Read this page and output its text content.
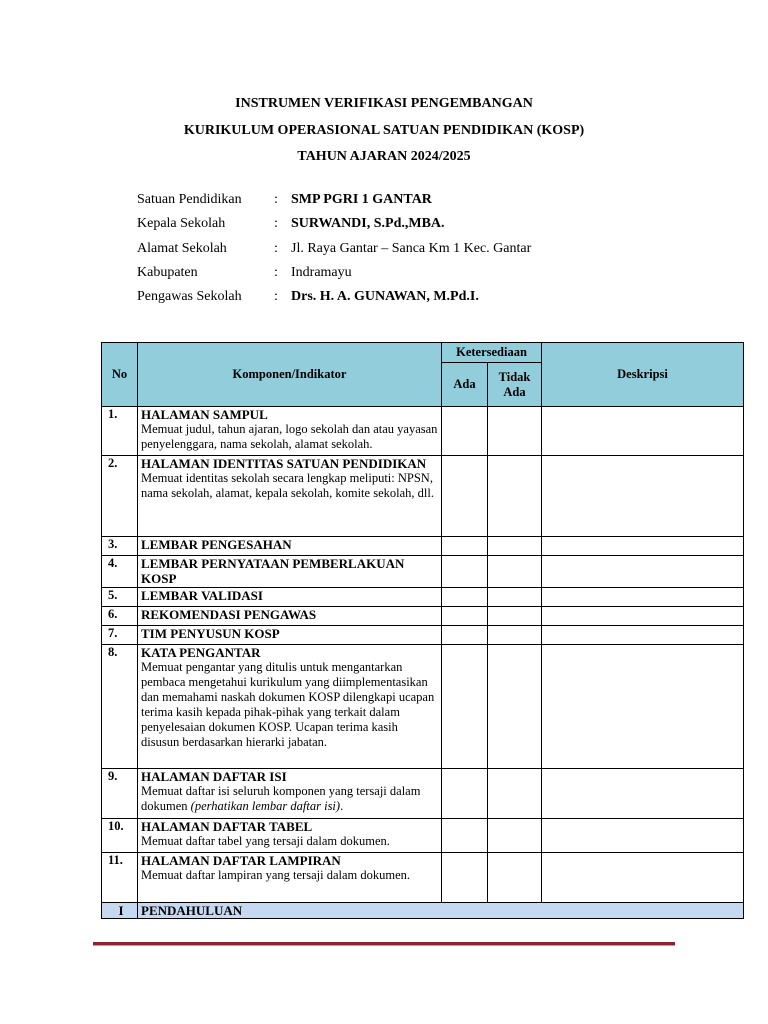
INSTRUMEN VERIFIKASI PENGEMBANGAN
KURIKULUM OPERASIONAL SATUAN PENDIDIKAN (KOSP)
TAHUN AJARAN 2024/2025
Satuan Pendidikan : SMP PGRI 1 GANTAR
Kepala Sekolah	: SURWANDI, S.Pd.,MBA.
Alamat Sekolah	: Jl. Raya Gantar – Sanca Km 1 Kec. Gantar
Kabupaten	: Indramayu
Pengawas Sekolah : Drs. H. A. GUNAWAN, M.Pd.I.
No	Komponen/Indikator	Ketersediaan		Deskripsi
		Ada	Tidak Ada	
1.	HALAMAN SAMPUL
Memuat judul, tahun ajaran, logo sekolah dan atau yayasan penyelenggara, nama sekolah, alamat sekolah.			

2.	HALAMAN IDENTITAS SATUAN PENDIDIKAN
Memuat identitas sekolah secara lengkap meliputi: NPSN, nama sekolah, alamat, kepala sekolah, komite sekolah, dll.			

3.	LEMBAR PENGESAHAN			

4.	LEMBAR PERNYATAAN PEMBERLAKUAN KOSP			

5.	LEMBAR VALIDASI			

6.	REKOMENDASI PENGAWAS			

7.	TIM PENYUSUN KOSP			

8.	KATA PENGANTAR
Memuat pengantar yang ditulis untuk mengantarkan pembaca mengetahui kurikulum yang diimplementasikan dan memahami naskah dokumen KOSP dilengkapi ucapan terima kasih kepada pihak-pihak yang terkait dalam penyelesaian dokumen KOSP. Ucapan terima kasih disusun berdasarkan hierarki jabatan.			

9.	HALAMAN DAFTAR ISI
Memuat daftar isi seluruh komponen yang tersaji dalam dokumen (perhatikan lembar daftar isi).			

10.	HALAMAN DAFTAR TABEL
Memuat daftar tabel yang tersaji dalam dokumen.			

11.	HALAMAN DAFTAR LAMPIRAN
Memuat daftar lampiran yang tersaji dalam dokumen.			

I	PENDAHULUAN			
